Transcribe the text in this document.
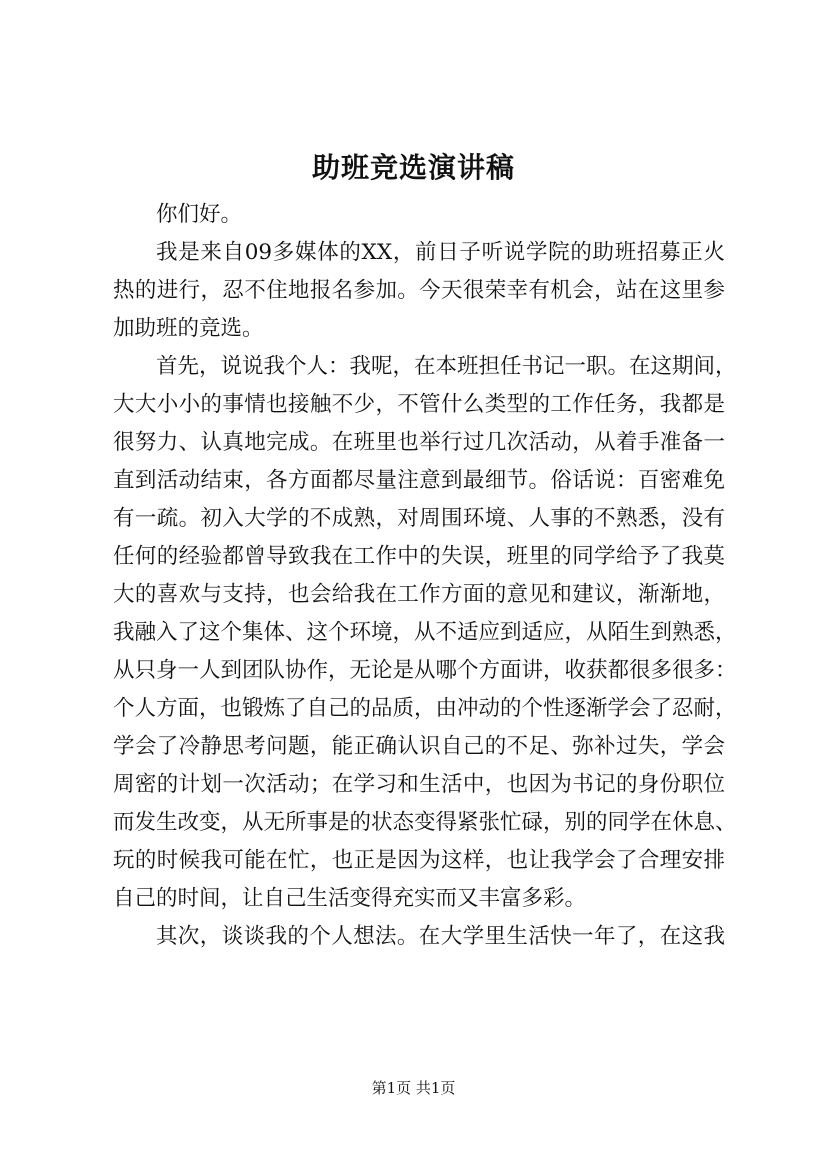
助班竞选演讲稿
你们好。
我是来自09多媒体的XX，前日子听说学院的助班招募正火
热的进行，忍不住地报名参加。今天很荣幸有机会，站在这里参
加助班的竞选。
首先，说说我个人：我呢，在本班担任书记一职。在这期间，
大大小小的事情也接触不少，不管什么类型的工作任务，我都是
很努力、认真地完成。在班里也举行过几次活动，从着手准备一
直到活动结束，各方面都尽量注意到最细节。俗话说：百密难免
有一疏。初入大学的不成熟，对周围环境、人事的不熟悉，没有
任何的经验都曾导致我在工作中的失误，班里的同学给予了我莫
大的喜欢与支持，也会给我在工作方面的意见和建议，渐渐地，
我融入了这个集体、这个环境，从不适应到适应，从陌生到熟悉，
从只身一人到团队协作，无论是从哪个方面讲，收获都很多很多：
个人方面，也锻炼了自己的品质，由冲动的个性逐渐学会了忍耐，
学会了冷静思考问题，能正确认识自己的不足、弥补过失，学会
周密的计划一次活动；在学习和生活中，也因为书记的身份职位
而发生改变，从无所事是的状态变得紧张忙碌，别的同学在休息、
玩的时候我可能在忙，也正是因为这样，也让我学会了合理安排
自己的时间，让自己生活变得充实而又丰富多彩。
其次，谈谈我的个人想法。在大学里生活快一年了，在这我
第1页 共1页
